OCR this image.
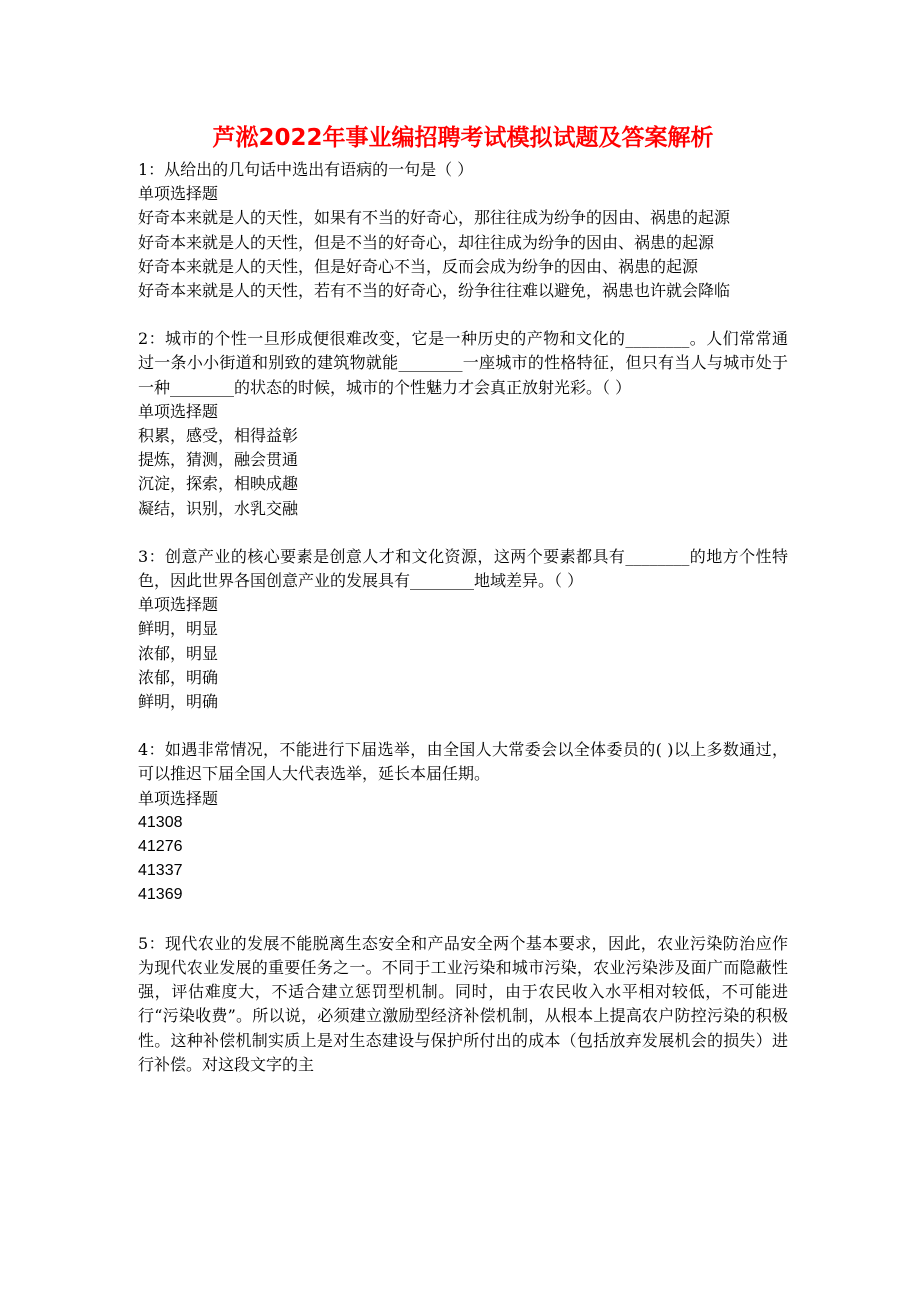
芦淞2022年事业编招聘考试模拟试题及答案解析

1：从给出的几句话中选出有语病的一句是（ ）

单项选择题

好奇本来就是人的天性，如果有不当的好奇心，那往往成为纷争的因由、祸患的起源

好奇本来就是人的天性，但是不当的好奇心，却往往成为纷争的因由、祸患的起源

好奇本来就是人的天性，但是好奇心不当，反而会成为纷争的因由、祸患的起源

好奇本来就是人的天性，若有不当的好奇心，纷争往往难以避免，祸患也许就会降临

2：城市的个性一旦形成便很难改变，它是一种历史的产物和文化的________。人们常常通过一条小小街道和别致的建筑物就能________一座城市的性格特征，但只有当人与城市处于一种________的状态的时候，城市的个性魅力才会真正放射光彩。（ ）

单项选择题

积累，感受，相得益彰

提炼，猜测，融会贯通

沉淀，探索，相映成趣

凝结，识别，水乳交融

3：创意产业的核心要素是创意人才和文化资源，这两个要素都具有________的地方个性特色，因此世界各国创意产业的发展具有________地域差异。（ ）

单项选择题

鲜明，明显

浓郁，明显

浓郁，明确

鲜明，明确

4：如遇非常情况，不能进行下届选举，由全国人大常委会以全体委员的( )以上多数通过，可以推迟下届全国人大代表选举，延长本届任期。

单项选择题

41308

41276

41337

41369

5：现代农业的发展不能脱离生态安全和产品安全两个基本要求，因此，农业污染防治应作为现代农业发展的重要任务之一。不同于工业污染和城市污染，农业污染涉及面广而隐蔽性强，评估难度大，不适合建立惩罚型机制。同时，由于农民收入水平相对较低，不可能进行“污染收费”。所以说，必须建立激励型经济补偿机制，从根本上提高农户防控污染的积极性。这种补偿机制实质上是对生态建设与保护所付出的成本（包括放弃发展机会的损失）进行补偿。对这段文字的主
